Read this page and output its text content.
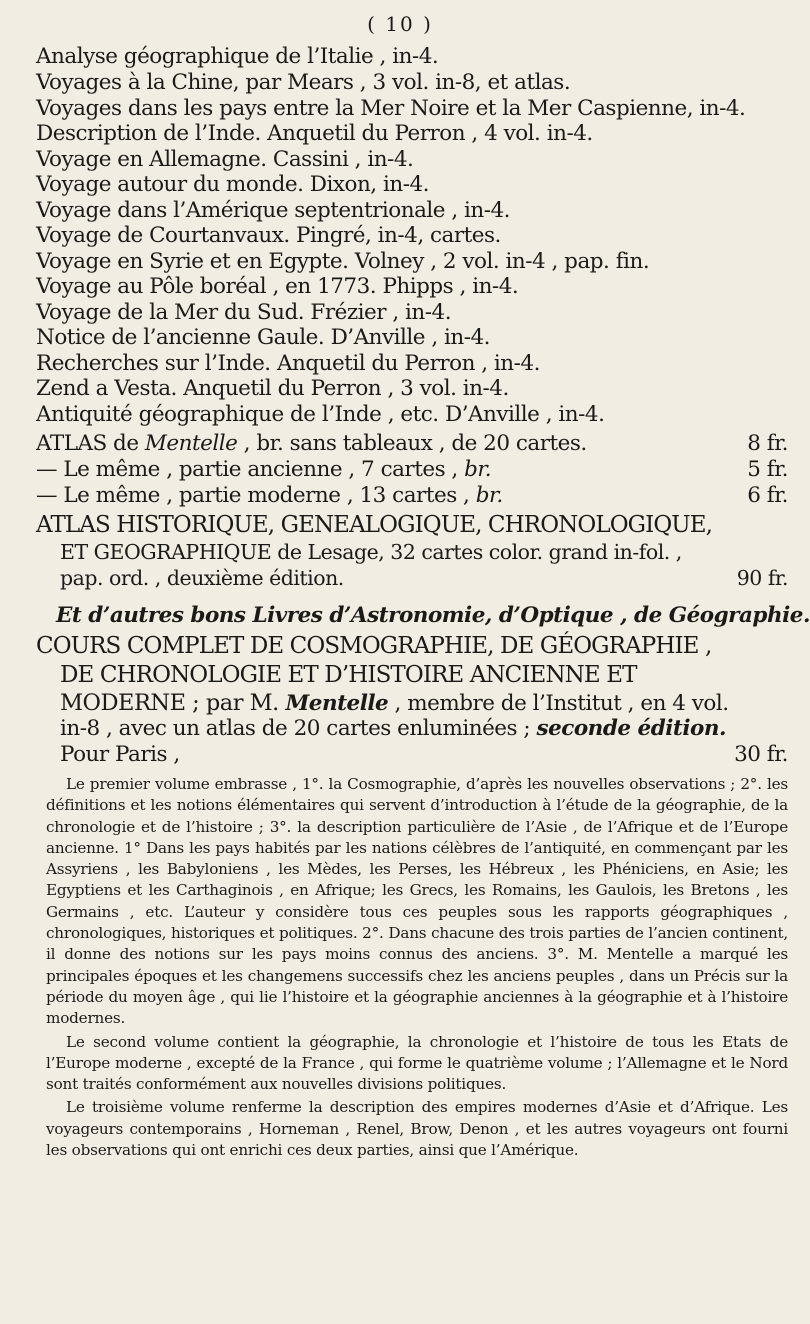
( 10 )
Analyse géographique de l’Italie , in-4.
Voyages à la Chine, par Mears , 3 vol. in-8, et atlas.
Voyages dans les pays entre la Mer Noire et la Mer Caspienne, in-4.
Description de l’Inde. Anquetil du Perron , 4 vol. in-4.
Voyage en Allemagne. Cassini , in-4.
Voyage autour du monde. Dixon, in-4.
Voyage dans l’Amérique septentrionale , in-4.
Voyage de Courtanvaux. Pingré, in-4, cartes.
Voyage en Syrie et en Egypte. Volney , 2 vol. in-4 , pap. fin.
Voyage au Pôle boréal , en 1773. Phipps , in-4.
Voyage de la Mer du Sud. Frézier , in-4.
Notice de l’ancienne Gaule. D’Anville , in-4.
Recherches sur l’Inde. Anquetil du Perron , in-4.
Zend a Vesta. Anquetil du Perron , 3 vol. in-4.
Antiquité géographique de l’Inde , etc. D’Anville , in-4.
ATLAS de Mentelle , br. sans tableaux , de 20 cartes.	8 fr.
— Le même , partie ancienne , 7 cartes , br.	5 fr.
— Le même , partie moderne , 13 cartes , br.	6 fr.
ATLAS HISTORIQUE, GENEALOGIQUE, CHRONOLOGIQUE,
ET GEOGRAPHIQUE de Lesage, 32 cartes color. grand in-fol. ,
pap. ord. , deuxième édition.	90 fr.
Et d’autres bons Livres d’Astronomie, d’Optique , de Géographie.
COURS COMPLET DE COSMOGRAPHIE, DE GÉOGRAPHIE ,
DE CHRONOLOGIE ET D’HISTOIRE ANCIENNE ET
MODERNE ; par M. Mentelle , membre de l’Institut , en 4 vol.
in-8 , avec un atlas de 20 cartes enluminées ; seconde édition.
Pour Paris ,	30 fr.

Le premier volume embrasse , 1°. la Cosmographie, d’après les nouvelles observations ; 2°. les définitions et les notions élémentaires qui servent d’introduction à l’étude de la géographie, de la chronologie et de l’histoire ; 3°. la description particulière de l’Asie , de l’Afrique et de l’Europe ancienne. 1° Dans les pays habités par les nations célèbres de l’antiquité, en commençant par les Assyriens , les Babyloniens , les Mèdes, les Perses, les Hébreux , les Phéniciens, en Asie; les Egyptiens et les Carthaginois , en Afrique; les Grecs, les Romains, les Gaulois, les Bretons , les Germains , etc. L’auteur y considère tous ces peuples sous les rapports géographiques , chronologiques, historiques et politiques. 2°. Dans chacune des trois parties de l’ancien continent, il donne des notions sur les pays moins connus des anciens. 3°. M. Mentelle a marqué les principales époques et les changemens successifs chez les anciens peuples , dans un Précis sur la période du moyen âge , qui lie l’histoire et la géographie anciennes à la géographie et à l’histoire modernes.

Le second volume contient la géographie, la chronologie et l’histoire de tous les Etats de l’Europe moderne , excepté de la France , qui forme le quatrième volume ; l’Allemagne et le Nord sont traités conformément aux nouvelles divisions politiques.

Le troisième volume renferme la description des empires modernes d’Asie et d’Afrique. Les voyageurs contemporains , Horneman , Renel, Brow, Denon , et les autres voyageurs ont fourni les observations qui ont enrichi ces deux parties, ainsi que l’Amérique.
